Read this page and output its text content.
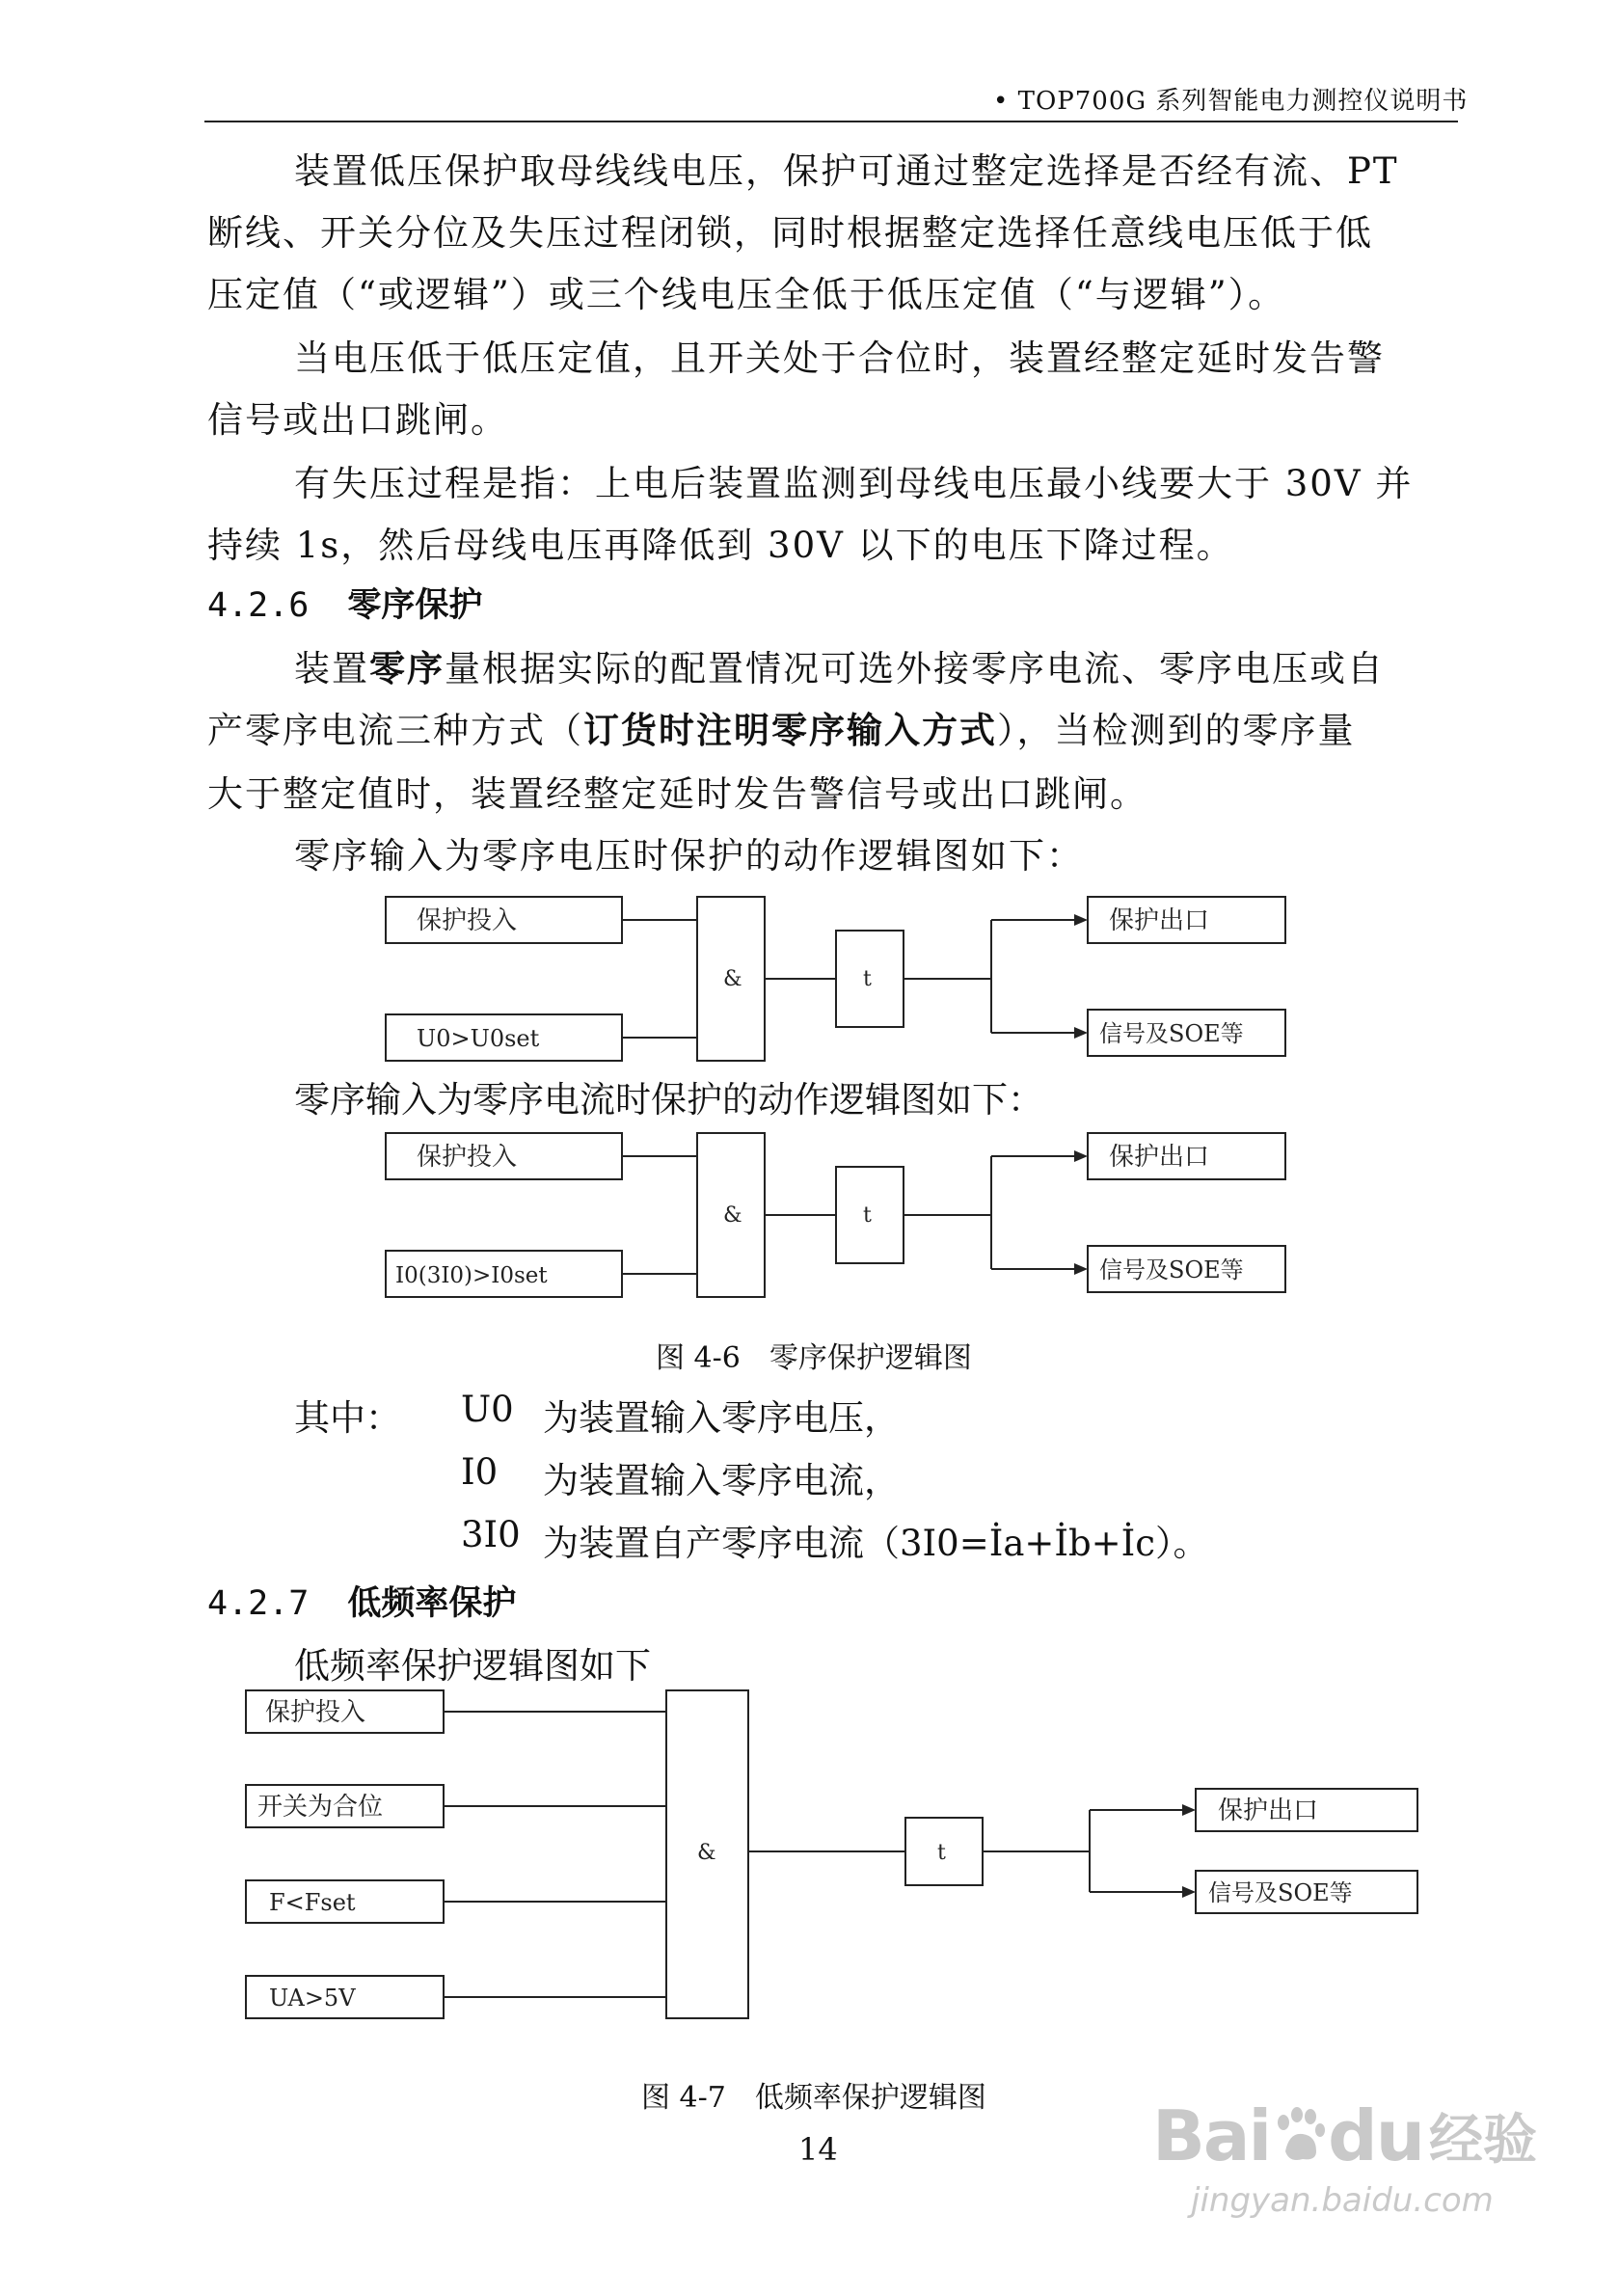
• TOP700G 系列智能电力测控仪说明书
装置低压保护取母线线电压，保护可通过整定选择是否经有流、PT
断线、开关分位及失压过程闭锁，同时根据整定选择任意线电压低于低
压定值（“或逻辑”）或三个线电压全低于低压定值（“与逻辑”）。
当电压低于低压定值，且开关处于合位时，装置经整定延时发告警
信号或出口跳闸。
有失压过程是指：上电后装置监测到母线电压最小线要大于 30V 并
持续 1s，然后母线电压再降低到 30V 以下的电压下降过程。
4.2.6 零序保护
装置零序量根据实际的配置情况可选外接零序电流、零序电压或自
产零序电流三种方式（订货时注明零序输入方式），当检测到的零序量
大于整定值时，装置经整定延时发告警信号或出口跳闸。
零序输入为零序电压时保护的动作逻辑图如下：
保护投入
U0>U0set
&	t
保护出口
信号及SOE等
零序输入为零序电流时保护的动作逻辑图如下：
保护投入
I0(3I0)>I0set
&	t
保护出口
信号及SOE等
图 4-6　零序保护逻辑图
其中： U0 为装置输入零序电压，
I0 为装置输入零序电流，
3I0 为装置自产零序电流（3I0=İa+İb+İc）。
4.2.7 低频率保护
低频率保护逻辑图如下
保护投入
开关为合位
F<Fset
UA>5V
&	t
保护出口
信号及SOE等
图 4-7　低频率保护逻辑图
14	Bai du 经验
jingyan.baidu.com
